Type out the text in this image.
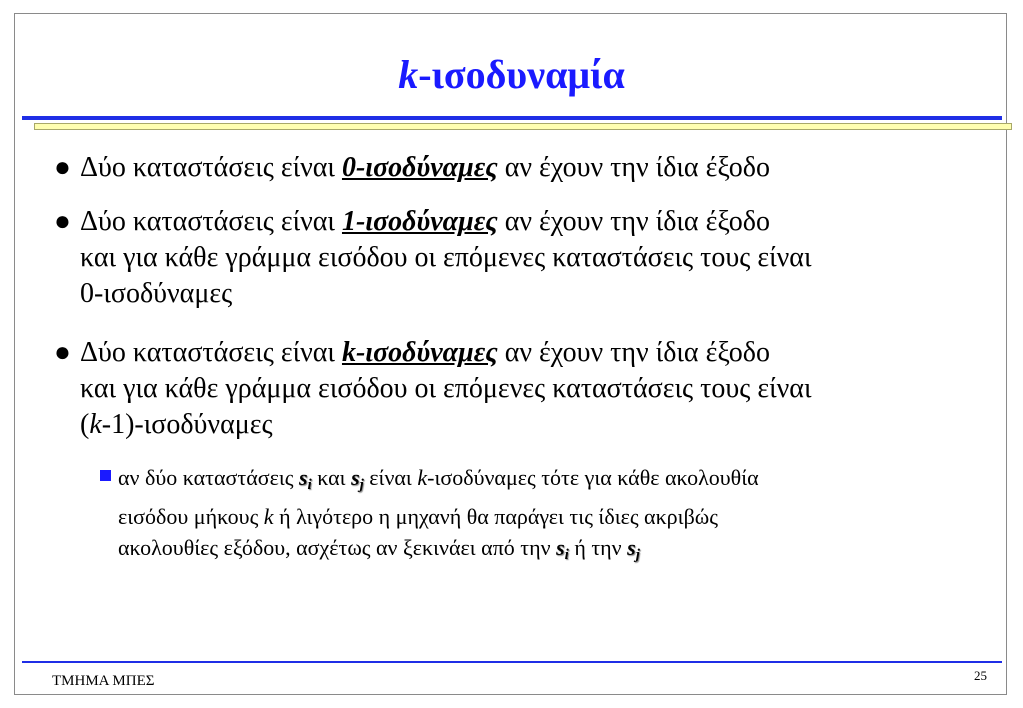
k-ισοδυναμία
● Δύο καταστάσεις είναι 0-ισοδύναμες αν έχουν την ίδια έξοδο
● Δύο καταστάσεις είναι 1-ισοδύναμες αν έχουν την ίδια έξοδο
και για κάθε γράμμα εισόδου οι επόμενες καταστάσεις τους είναι
0-ισοδύναμες
● Δύο καταστάσεις είναι k-ισοδύναμες αν έχουν την ίδια έξοδο
και για κάθε γράμμα εισόδου οι επόμενες καταστάσεις τους είναι
(k-1)-ισοδύναμες
αν δύο καταστάσεις $s_i$ και $s_j$ είναι k-ισοδύναμες τότε για κάθε ακολουθία
εισόδου μήκους k ή λιγότερο η μηχανή θα παράγει τις ίδιες ακριβώς
ακολουθίες εξόδου, ασχέτως αν ξεκινάει από την $s_i$ ή την $s_j$
ΤΜΗΜΑ ΜΠΕΣ	25
